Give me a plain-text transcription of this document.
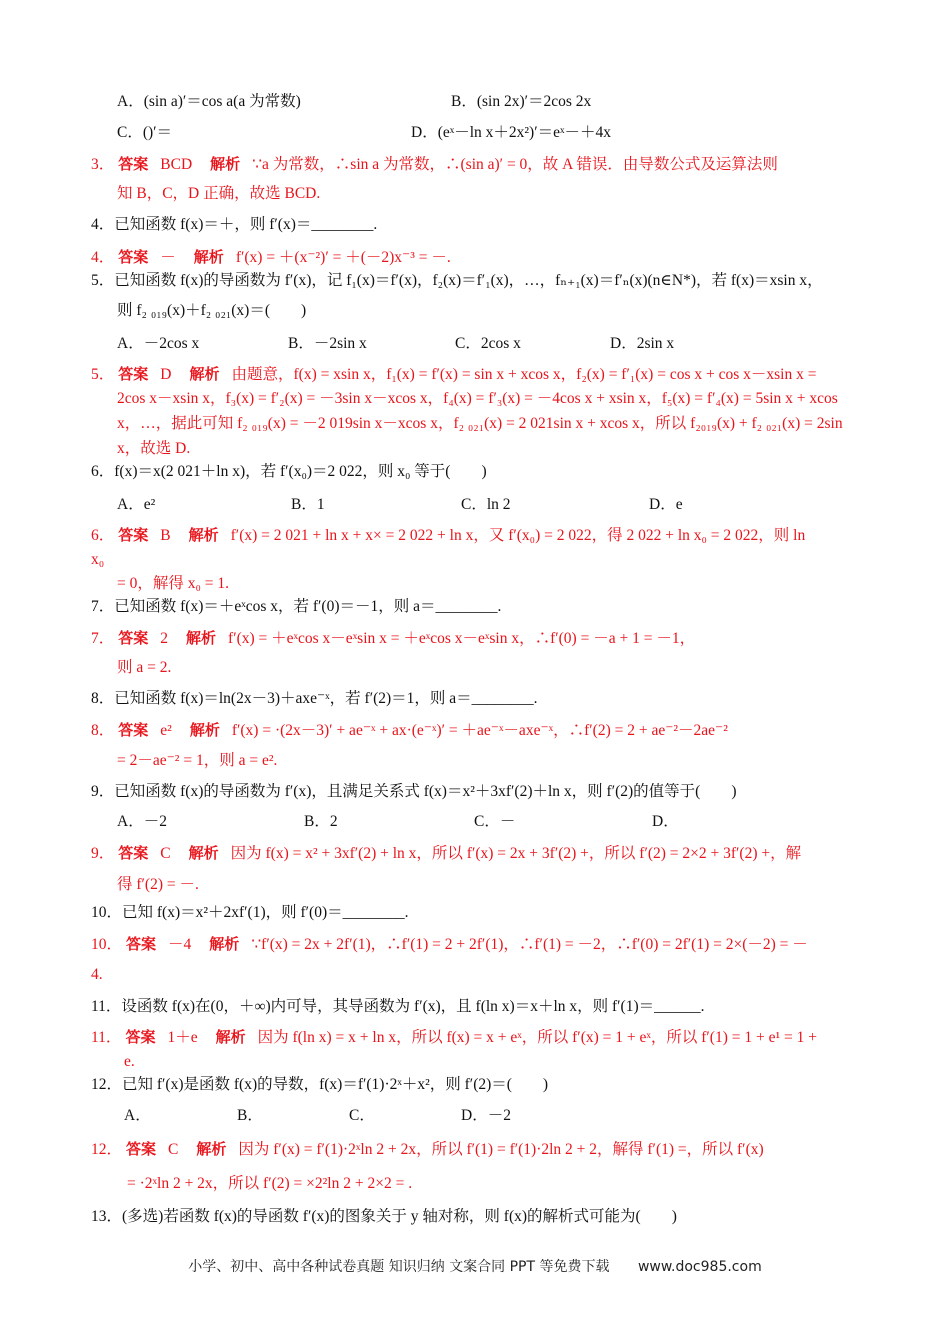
A．(sin a)′＝cos a(a 为常数)	B．(sin 2x)′＝2cos 2x
C．()′＝	D．(eˣ－ln x＋2x²)′＝eˣ－＋4x
3． 答案 BCD 解析 ∵a 为常数，∴sin a 为常数，∴(sin a)′ = 0，故 A 错误．由导数公式及运算法则
知 B，C，D 正确，故选 BCD.
4．已知函数 f(x)＝＋，则 f′(x)＝________.
4． 答案 － 解析 f′(x) = ＋(x⁻²)′ = ＋(－2)x⁻³ = －.
5．已知函数 f(x)的导函数为 f′(x)，记 f₁(x)＝f′(x)，f₂(x)＝f′₁(x)，…，fₙ₊₁(x)＝f′ₙ(x)(n∈N*)，若 f(x)＝xsin x，
则 f₂ ₀₁₉(x)＋f₂ ₀₂₁(x)＝(　　)
A．－2cos x	B．－2sin x	C．2cos x	D．2sin x
5． 答案 D 解析 由题意，f(x) = xsin x，f₁(x) = f′(x) = sin x + xcos x，f₂(x) = f′₁(x) = cos x + cos x－xsin x =
2cos x－xsin x，f₃(x) = f′₂(x) = －3sin x－xcos x，f₄(x) = f′₃(x) = －4cos x + xsin x，f₅(x) = f′₄(x) = 5sin x + xcos
x，…，据此可知 f₂ ₀₁₉(x) = －2 019sin x－xcos x，f₂ ₀₂₁(x) = 2 021sin x + xcos x，所以 f₂₀₁₉(x) + f₂ ₀₂₁(x) = 2sin
x，故选 D.
6．f(x)＝x(2 021＋ln x)，若 f′(x₀)＝2 022，则 x₀ 等于(　　)
A．e²	B．1	C．ln 2	D．e
6． 答案 B 解析 f′(x) = 2 021 + ln x + x× = 2 022 + ln x，又 f′(x₀) = 2 022，得 2 022 + ln x₀ = 2 022，则 ln
x₀
= 0，解得 x₀ = 1.
7．已知函数 f(x)＝＋eˣcos x，若 f′(0)＝－1，则 a＝________.
7． 答案 2 解析 f′(x) = ＋eˣcos x－eˣsin x = ＋eˣcos x－eˣsin x，∴f′(0) = －a + 1 = －1，
则 a = 2.
8．已知函数 f(x)＝ln(2x－3)＋axe⁻ˣ，若 f′(2)＝1，则 a＝________.
8． 答案 e² 解析 f′(x) = ·(2x－3)′ + ae⁻ˣ + ax·(e⁻ˣ)′ = ＋ae⁻ˣ－axe⁻ˣ，∴f′(2) = 2 + ae⁻²－2ae⁻²
= 2－ae⁻² = 1，则 a = e².
9．已知函数 f(x)的导函数为 f′(x)，且满足关系式 f(x)＝x²＋3xf′(2)＋ln x，则 f′(2)的值等于(　　)
A．－2	B．2	C．－	D．
9． 答案 C 解析 因为 f(x) = x² + 3xf′(2) + ln x，所以 f′(x) = 2x + 3f′(2) +，所以 f′(2) = 2×2 + 3f′(2) +，解
得 f′(2) = －.
10．已知 f(x)＝x²＋2xf′(1)，则 f′(0)＝________.
10． 答案 －4 解析 ∵f′(x) = 2x + 2f′(1)，∴f′(1) = 2 + 2f′(1)，∴f′(1) = －2，∴f′(0) = 2f′(1) = 2×(－2) = －
4.
11．设函数 f(x)在(0，＋∞)内可导，其导函数为 f′(x)，且 f(ln x)＝x＋ln x，则 f′(1)＝______.
11． 答案 1＋e 解析 因为 f(ln x) = x + ln x，所以 f(x) = x + eˣ，所以 f′(x) = 1 + eˣ，所以 f′(1) = 1 + e¹ = 1 +
e.
12．已知 f′(x)是函数 f(x)的导数，f(x)＝f′(1)·2ˣ＋x²，则 f′(2)＝(　　)
A．	B．	C．	D．－2
12． 答案 C 解析 因为 f′(x) = f′(1)·2ˣln 2 + 2x，所以 f′(1) = f′(1)·2ln 2 + 2，解得 f′(1) =，所以 f′(x)
= ·2ˣln 2 + 2x，所以 f′(2) = ×2²ln 2 + 2×2 = .
13．(多选)若函数 f(x)的导函数 f′(x)的图象关于 y 轴对称，则 f(x)的解析式可能为(　　)
小学、初中、高中各种试卷真题 知识归纳 文案合同 PPT 等免费下载 www.doc985.com
